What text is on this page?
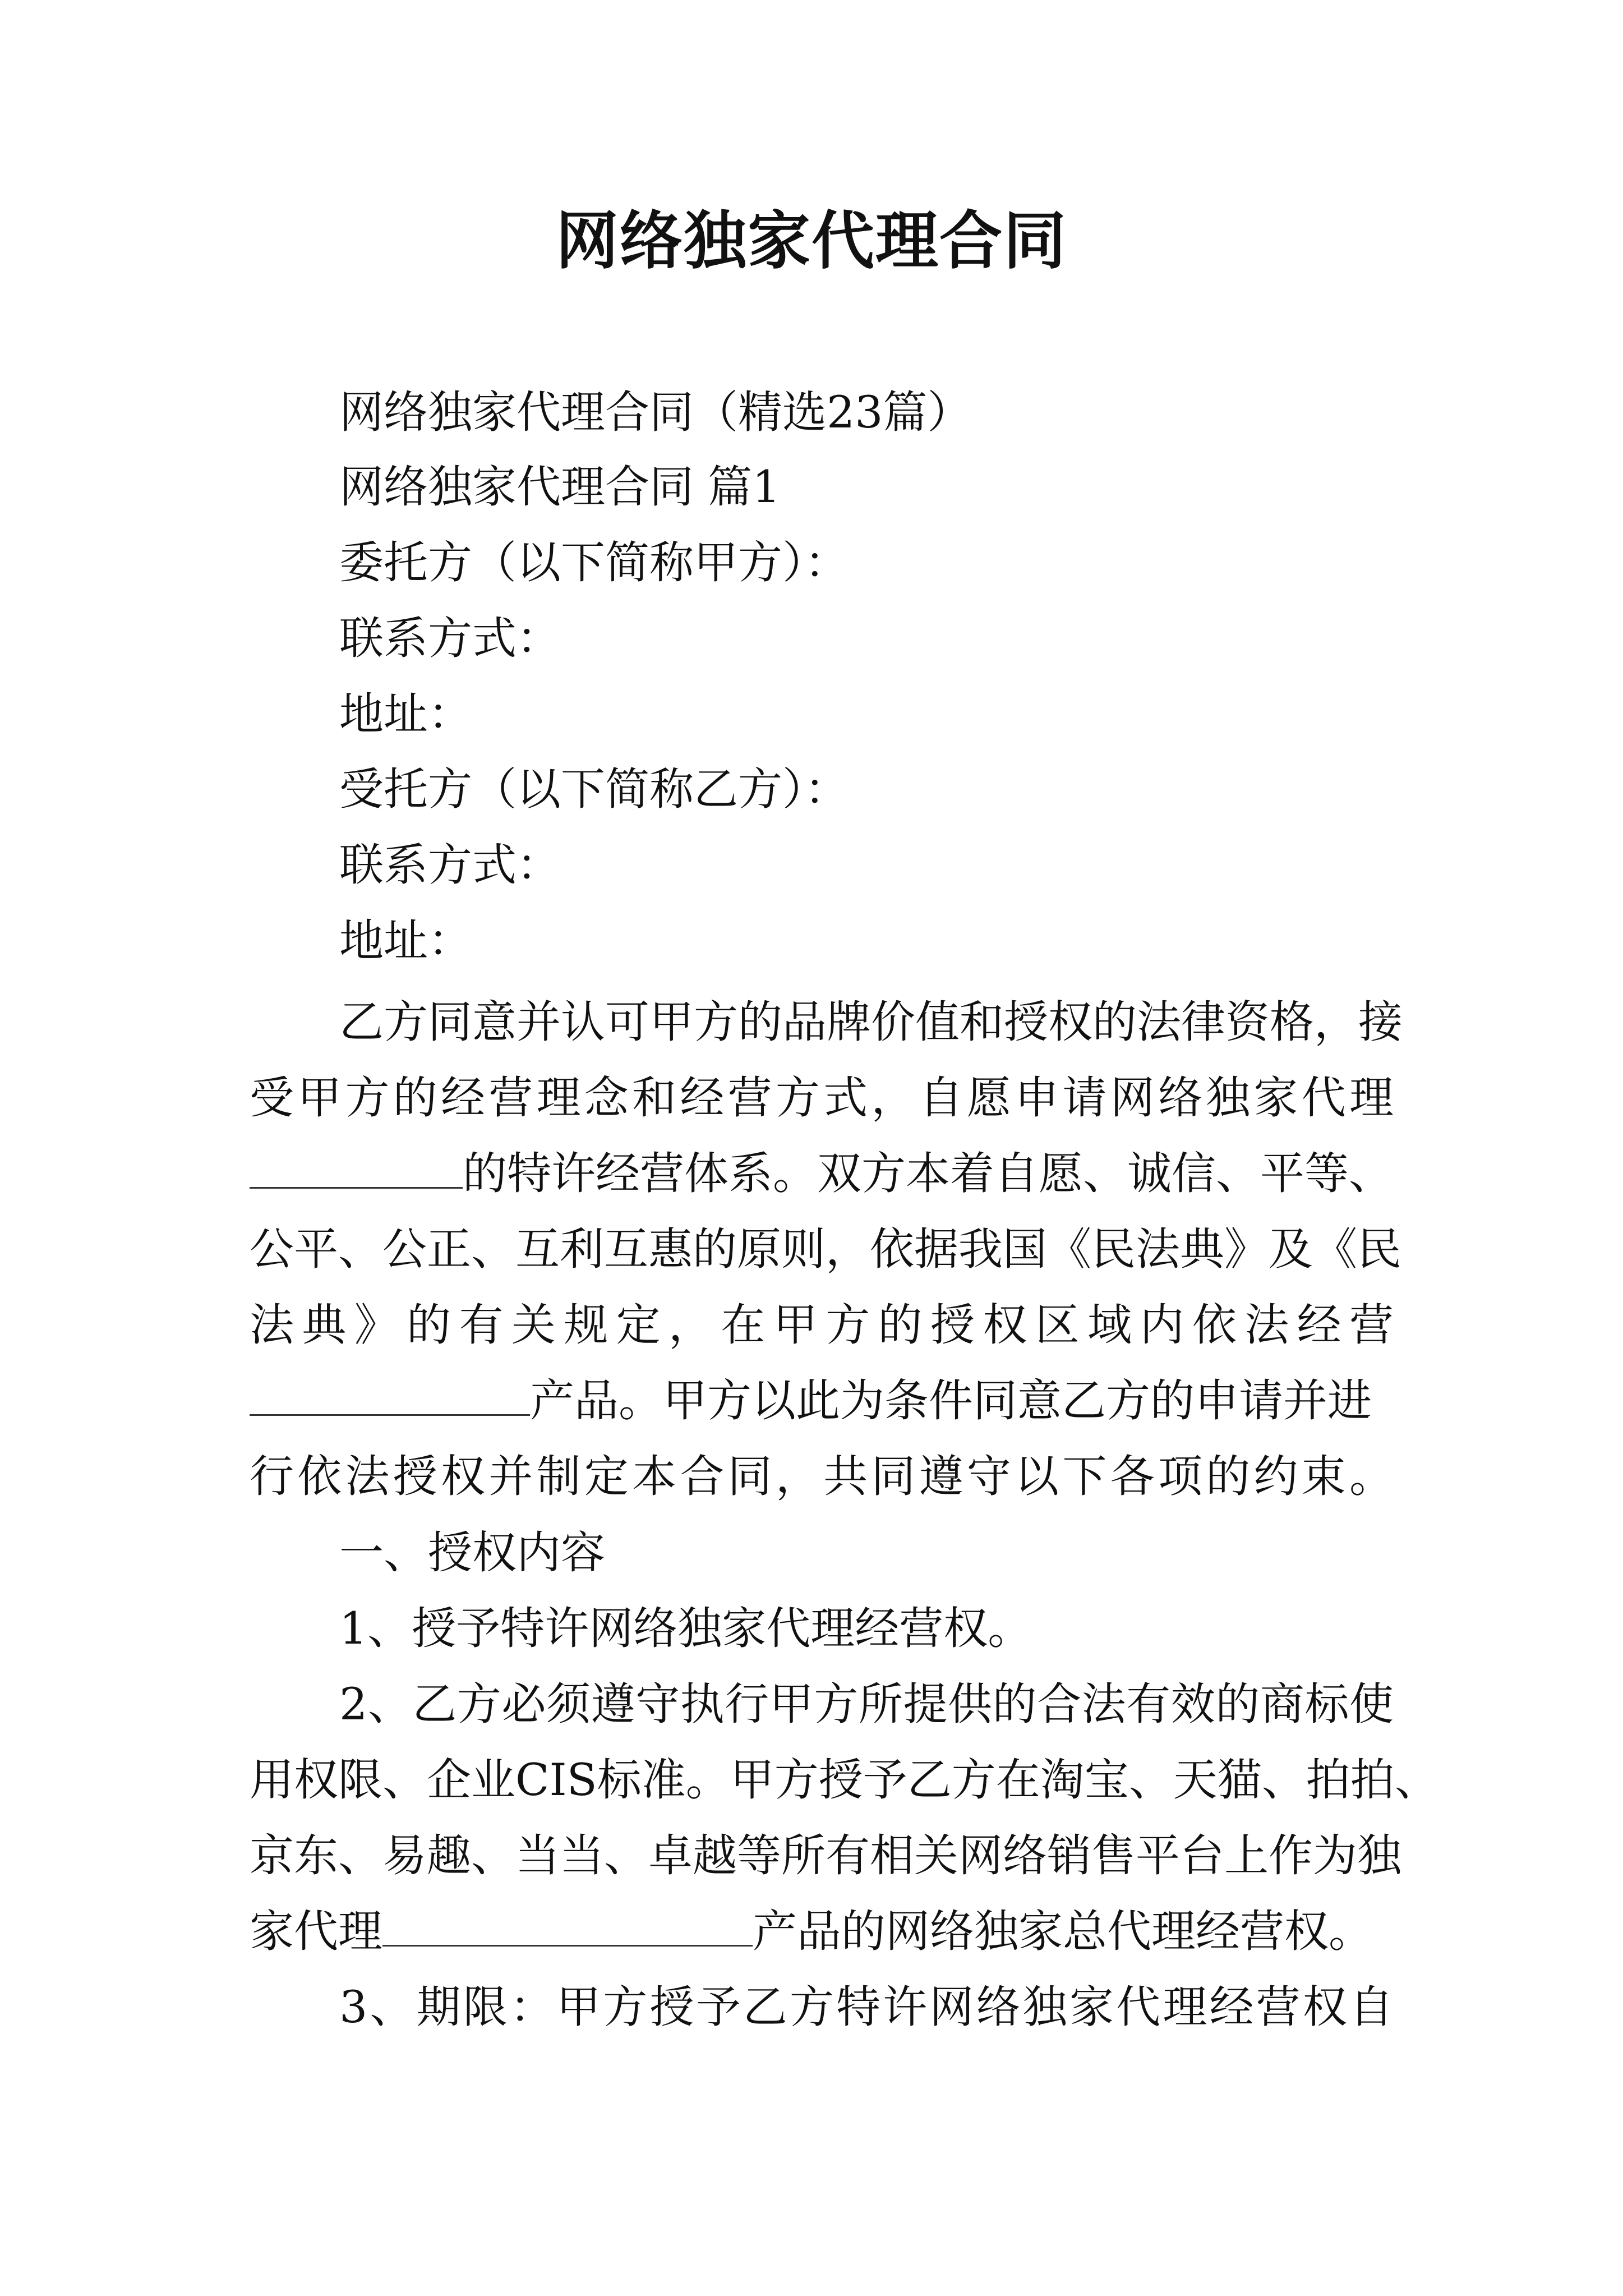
网络独家代理合同

网络独家代理合同（精选23篇）

网络独家代理合同 篇1

委托方（以下简称甲方）：

联系方式：

地址：

受托方（以下简称乙方）：

联系方式：

地址：

乙方同意并认可甲方的品牌价值和授权的法律资格，接

受甲方的经营理念和经营方式，自愿申请网络独家代理

的特许经营体系。双方本着自愿、诚信、平等、

公平、公正、互利互惠的原则，依据我国《民法典》及《民

法典》的有关规定，在甲方的授权区域内依法经营

产品。甲方以此为条件同意乙方的申请并进

行依法授权并制定本合同，共同遵守以下各项的约束。

一、授权内容

1、授予特许网络独家代理经营权。

2、乙方必须遵守执行甲方所提供的合法有效的商标使

用权限、企业CIS标准。甲方授予乙方在淘宝、天猫、拍拍、

京东、易趣、当当、卓越等所有相关网络销售平台上作为独

家代理	产品的网络独家总代理经营权。

3、期限：甲方授予乙方特许网络独家代理经营权自
